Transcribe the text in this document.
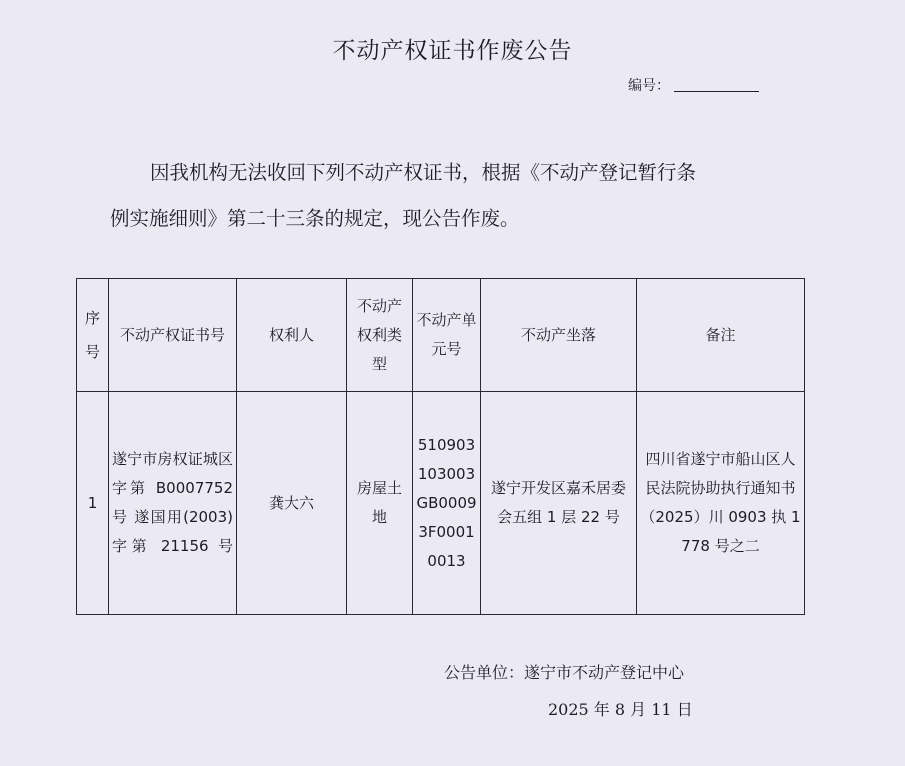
不动产权证书作废公告
编号：
因我机构无法收回下列不动产权证书，根据《不动产登记暂行条
例实施细则》第二十三条的规定，现公告作废。
序号	不动产权证书号	权利人	不动产权利类型	不动产单元号	不动产坐落	备注
1	遂宁市房权证城区字第 B0007752 号 遂国用(2003)字第 21156 号	龚大六	房屋土地	510903103003GB00093F00010013	遂宁开发区嘉禾居委会五组 1 层 22 号	四川省遂宁市船山区人民法院协助执行通知书（2025）川 0903 执 1778 号之二
公告单位：遂宁市不动产登记中心
2025 年 8 月 11 日
